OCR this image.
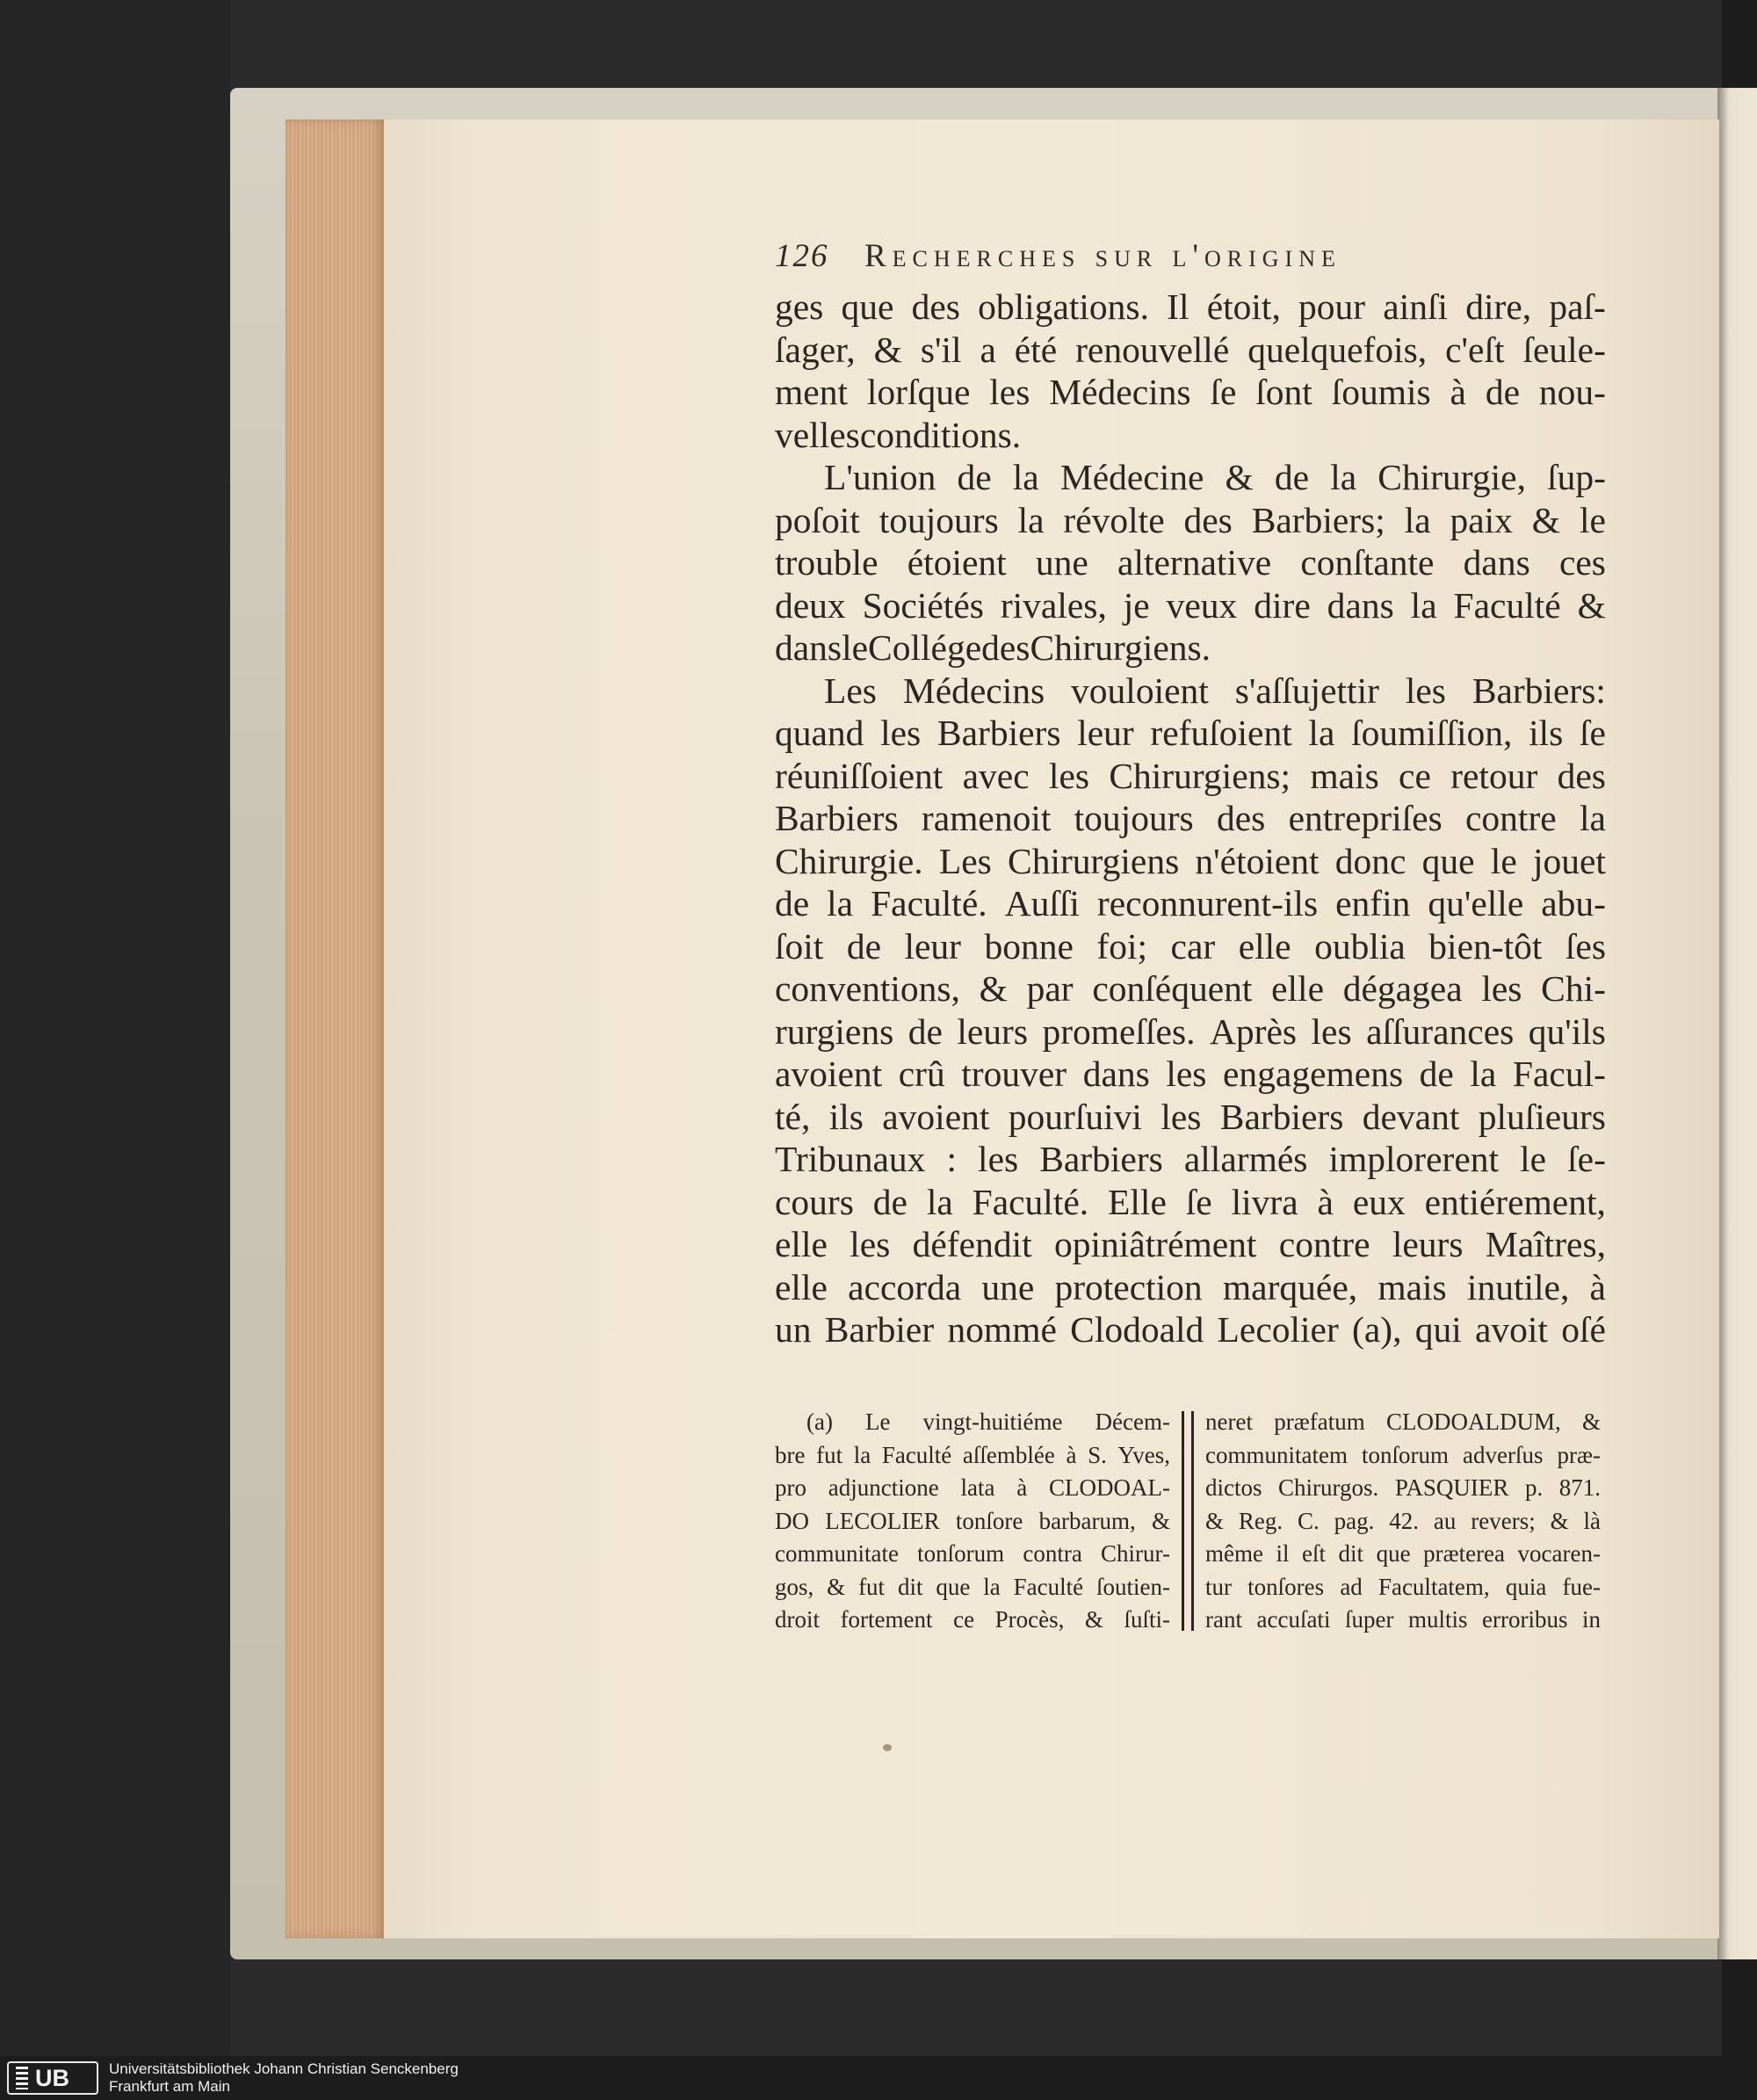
126 Recherches sur l'origine
ges que des obligations. Il étoit, pour ainſi dire, paſ-
ſager, & s'il a été renouvellé quelquefois, c'eſt ſeule-
ment lorſque les Médecins ſe ſont ſoumis à de nou-
velles conditions.
L'union de la Médecine & de la Chirurgie, ſup-
poſoit toujours la révolte des Barbiers; la paix & le
trouble étoient une alternative conſtante dans ces
deux Sociétés rivales, je veux dire dans la Faculté &
dans le Collége des Chirurgiens.
Les Médecins vouloient s'aſſujettir les Barbiers:
quand les Barbiers leur refuſoient la ſoumiſſion, ils ſe
réuniſſoient avec les Chirurgiens; mais ce retour des
Barbiers ramenoit toujours des entrepriſes contre la
Chirurgie. Les Chirurgiens n'étoient donc que le jouet
de la Faculté. Auſſi reconnurent-ils enfin qu'elle abu-
ſoit de leur bonne foi; car elle oublia bien-tôt ſes
conventions, & par conſéquent elle dégagea les Chi-
rurgiens de leurs promeſſes. Après les aſſurances qu'ils
avoient crû trouver dans les engagemens de la Facul-
té, ils avoient pourſuivi les Barbiers devant pluſieurs
Tribunaux : les Barbiers allarmés implorerent le ſe-
cours de la Faculté. Elle ſe livra à eux entiérement,
elle les défendit opiniâtrément contre leurs Maîtres,
elle accorda une protection marquée, mais inutile, à
un Barbier nommé Clodoald Lecolier (a), qui avoit oſé
(a) Le vingt-huitiéme Décem-
bre fut la Faculté aſſemblée à S. Yves,
pro adjunctione lata à CLODOAL-
DO LECOLIER tonſore barbarum, &
communitate tonſorum contra Chirur-
gos, & fut dit que la Faculté ſoutien-
droit fortement ce Procès, & ſuſti-
neret præfatum CLODOALDUM, &
communitatem tonſorum adverſus præ-
dictos Chirurgos. PASQUIER p. 871.
& Reg. C. pag. 42. au revers; & là
même il eſt dit que præterea vocaren-
tur tonſores ad Facultatem, quia fue-
rant accuſati ſuper multis erroribus in
UB	Universitätsbibliothek Johann Christian Senckenberg
Frankfurt am Main
